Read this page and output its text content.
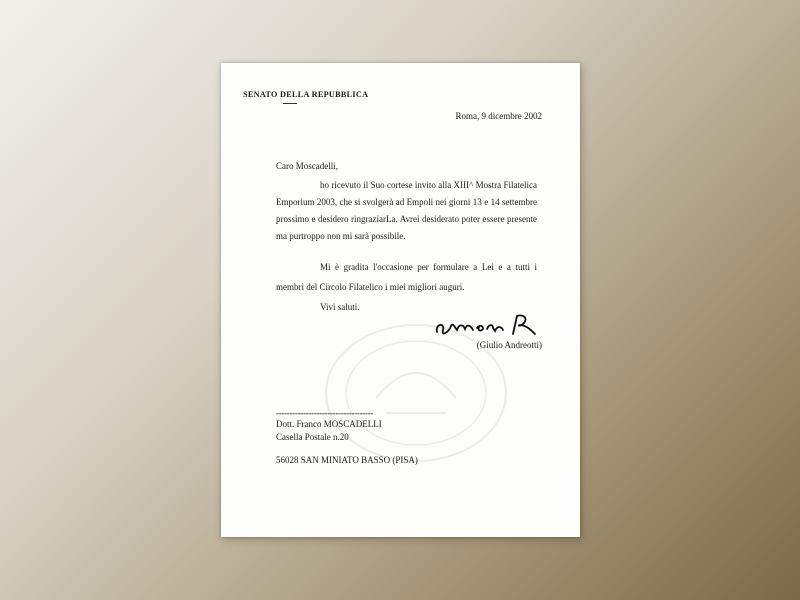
SENATO DELLA REPUBBLICA
Roma, 9 dicembre 2002
Caro Moscadelli,
ho ricevuto il Suo cortese invito alla XIII^ Mostra Filatelica Emporium 2003, che si svolgerà ad Empoli nei giorni 13 e 14 settembre prossimo e desidero ringraziarLa. Avrei desiderato poter essere presente ma purtroppo non mi sarà possibile.
Mi è gradita l'occasione per formulare a Lei e a tutti i membri del Circolo Filatelico i miei migliori auguri.
Vivi saluti.
(Giulio Andreotti)
------------------------------------
Dott. Franco MOSCADELLI
Casella Postale n.20
56028 SAN MINIATO BASSO (PISA)
